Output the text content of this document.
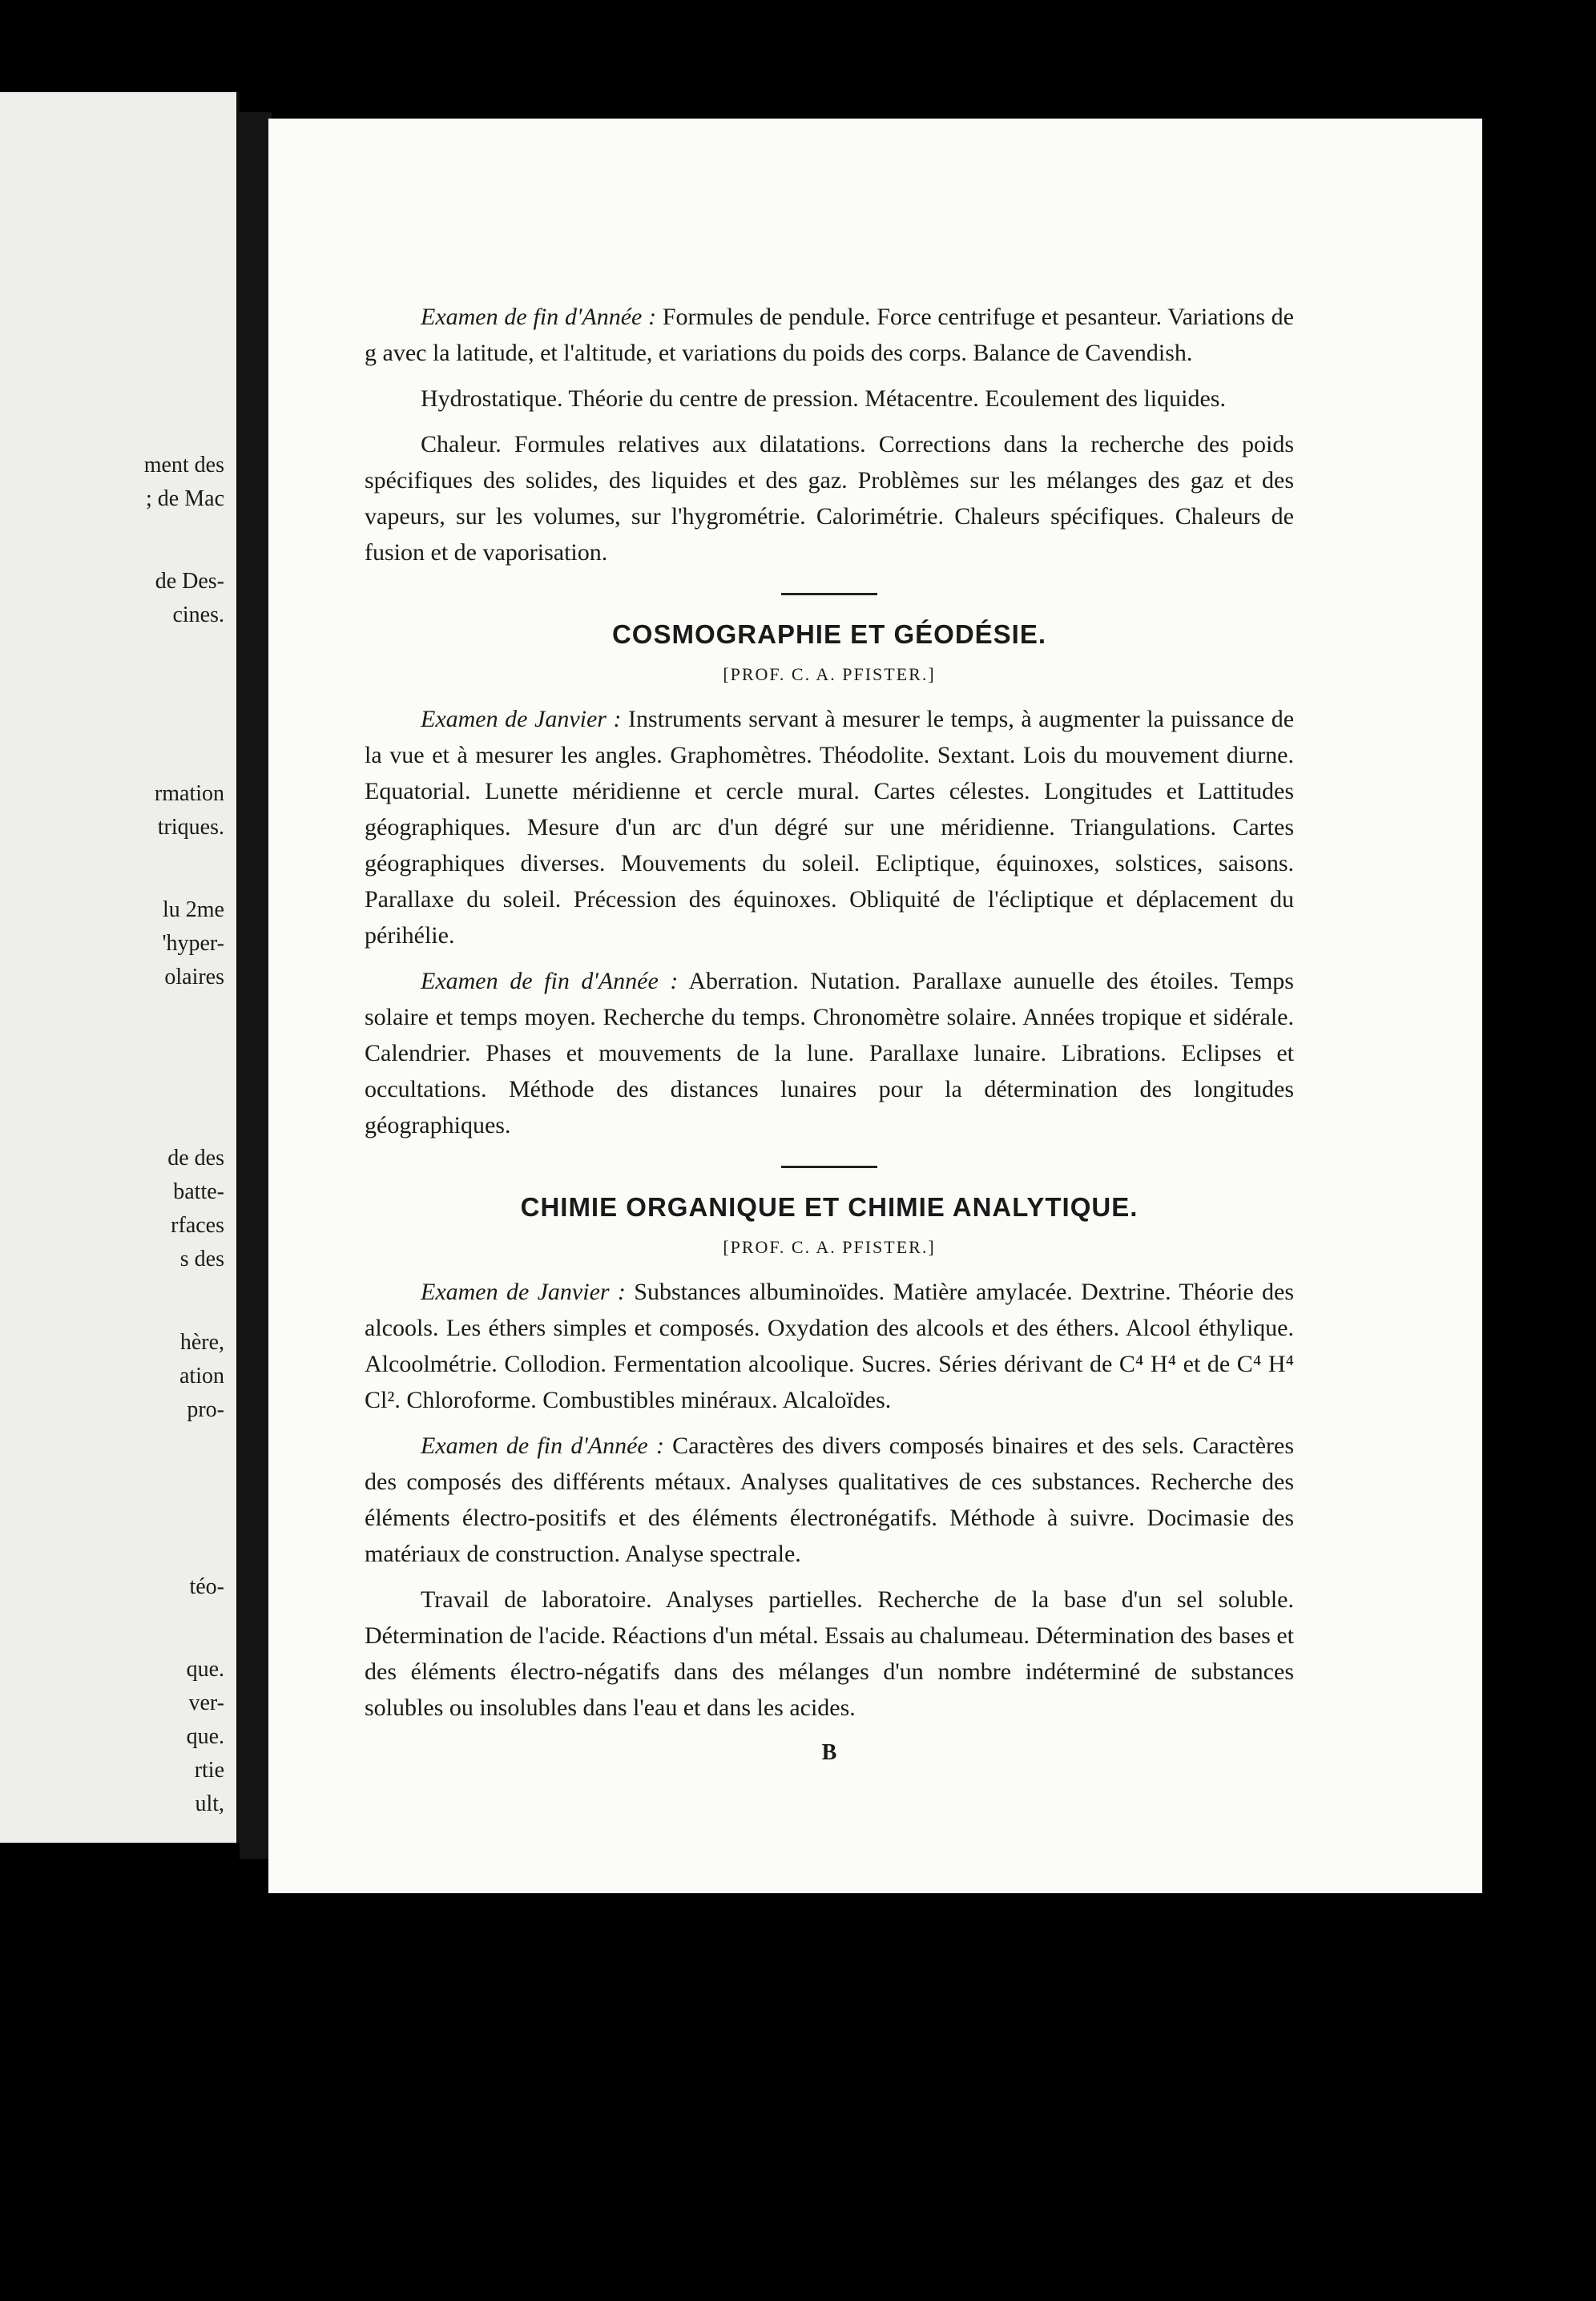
ment des
; de Mac
de Des-
cines.
rmation
triques.
lu 2me
'hyper-
olaires
de des
batte-
rfaces
s des
hère,
ation
pro-
téo-
que.
ver-
que.
rtie
ult,

Examen de fin d'Année : Formules de pendule. Force centrifuge et pesanteur. Variations de g avec la latitude, et l'altitude, et variations du poids des corps. Balance de Cavendish.

Hydrostatique. Théorie du centre de pression. Métacentre. Ecoulement des liquides.

Chaleur. Formules relatives aux dilatations. Corrections dans la recherche des poids spécifiques des solides, des liquides et des gaz. Problèmes sur les mélanges des gaz et des vapeurs, sur les volumes, sur l'hygrométrie. Calorimétrie. Chaleurs spécifiques. Chaleurs de fusion et de vaporisation.

COSMOGRAPHIE ET GÉODÉSIE.
[PROF. C. A. PFISTER.]

Examen de Janvier : Instruments servant à mesurer le temps, à augmenter la puissance de la vue et à mesurer les angles. Graphomètres. Théodolite. Sextant. Lois du mouvement diurne. Equatorial. Lunette méridienne et cercle mural. Cartes célestes. Longitudes et Lattitudes géographiques. Mesure d'un arc d'un dégré sur une méridienne. Triangulations. Cartes géographiques diverses. Mouvements du soleil. Ecliptique, équinoxes, solstices, saisons. Parallaxe du soleil. Précession des équinoxes. Obliquité de l'écliptique et déplacement du périhélie.

Examen de fin d'Année : Aberration. Nutation. Parallaxe aunuelle des étoiles. Temps solaire et temps moyen. Recherche du temps. Chronomètre solaire. Années tropique et sidérale. Calendrier. Phases et mouvements de la lune. Parallaxe lunaire. Librations. Eclipses et occultations. Méthode des distances lunaires pour la détermination des longitudes géographiques.

CHIMIE ORGANIQUE ET CHIMIE ANALYTIQUE.
[PROF. C. A. PFISTER.]

Examen de Janvier : Substances albuminoïdes. Matière amylacée. Dextrine. Théorie des alcools. Les éthers simples et composés. Oxydation des alcools et des éthers. Alcool éthylique. Alcoolmétrie. Collodion. Fermentation alcoolique. Sucres. Séries dérivant de C⁴ H⁴ et de C⁴ H⁴ Cl². Chloroforme. Combustibles minéraux. Alcaloïdes.

Examen de fin d'Année : Caractères des divers composés binaires et des sels. Caractères des composés des différents métaux. Analyses qualitatives de ces substances. Recherche des éléments électro-positifs et des éléments électronégatifs. Méthode à suivre. Docimasie des matériaux de construction. Analyse spectrale.

Travail de laboratoire. Analyses partielles. Recherche de la base d'un sel soluble. Détermination de l'acide. Réactions d'un métal. Essais au chalumeau. Détermination des bases et des éléments électro-négatifs dans des mélanges d'un nombre indéterminé de substances solubles ou insolubles dans l'eau et dans les acides.

B
